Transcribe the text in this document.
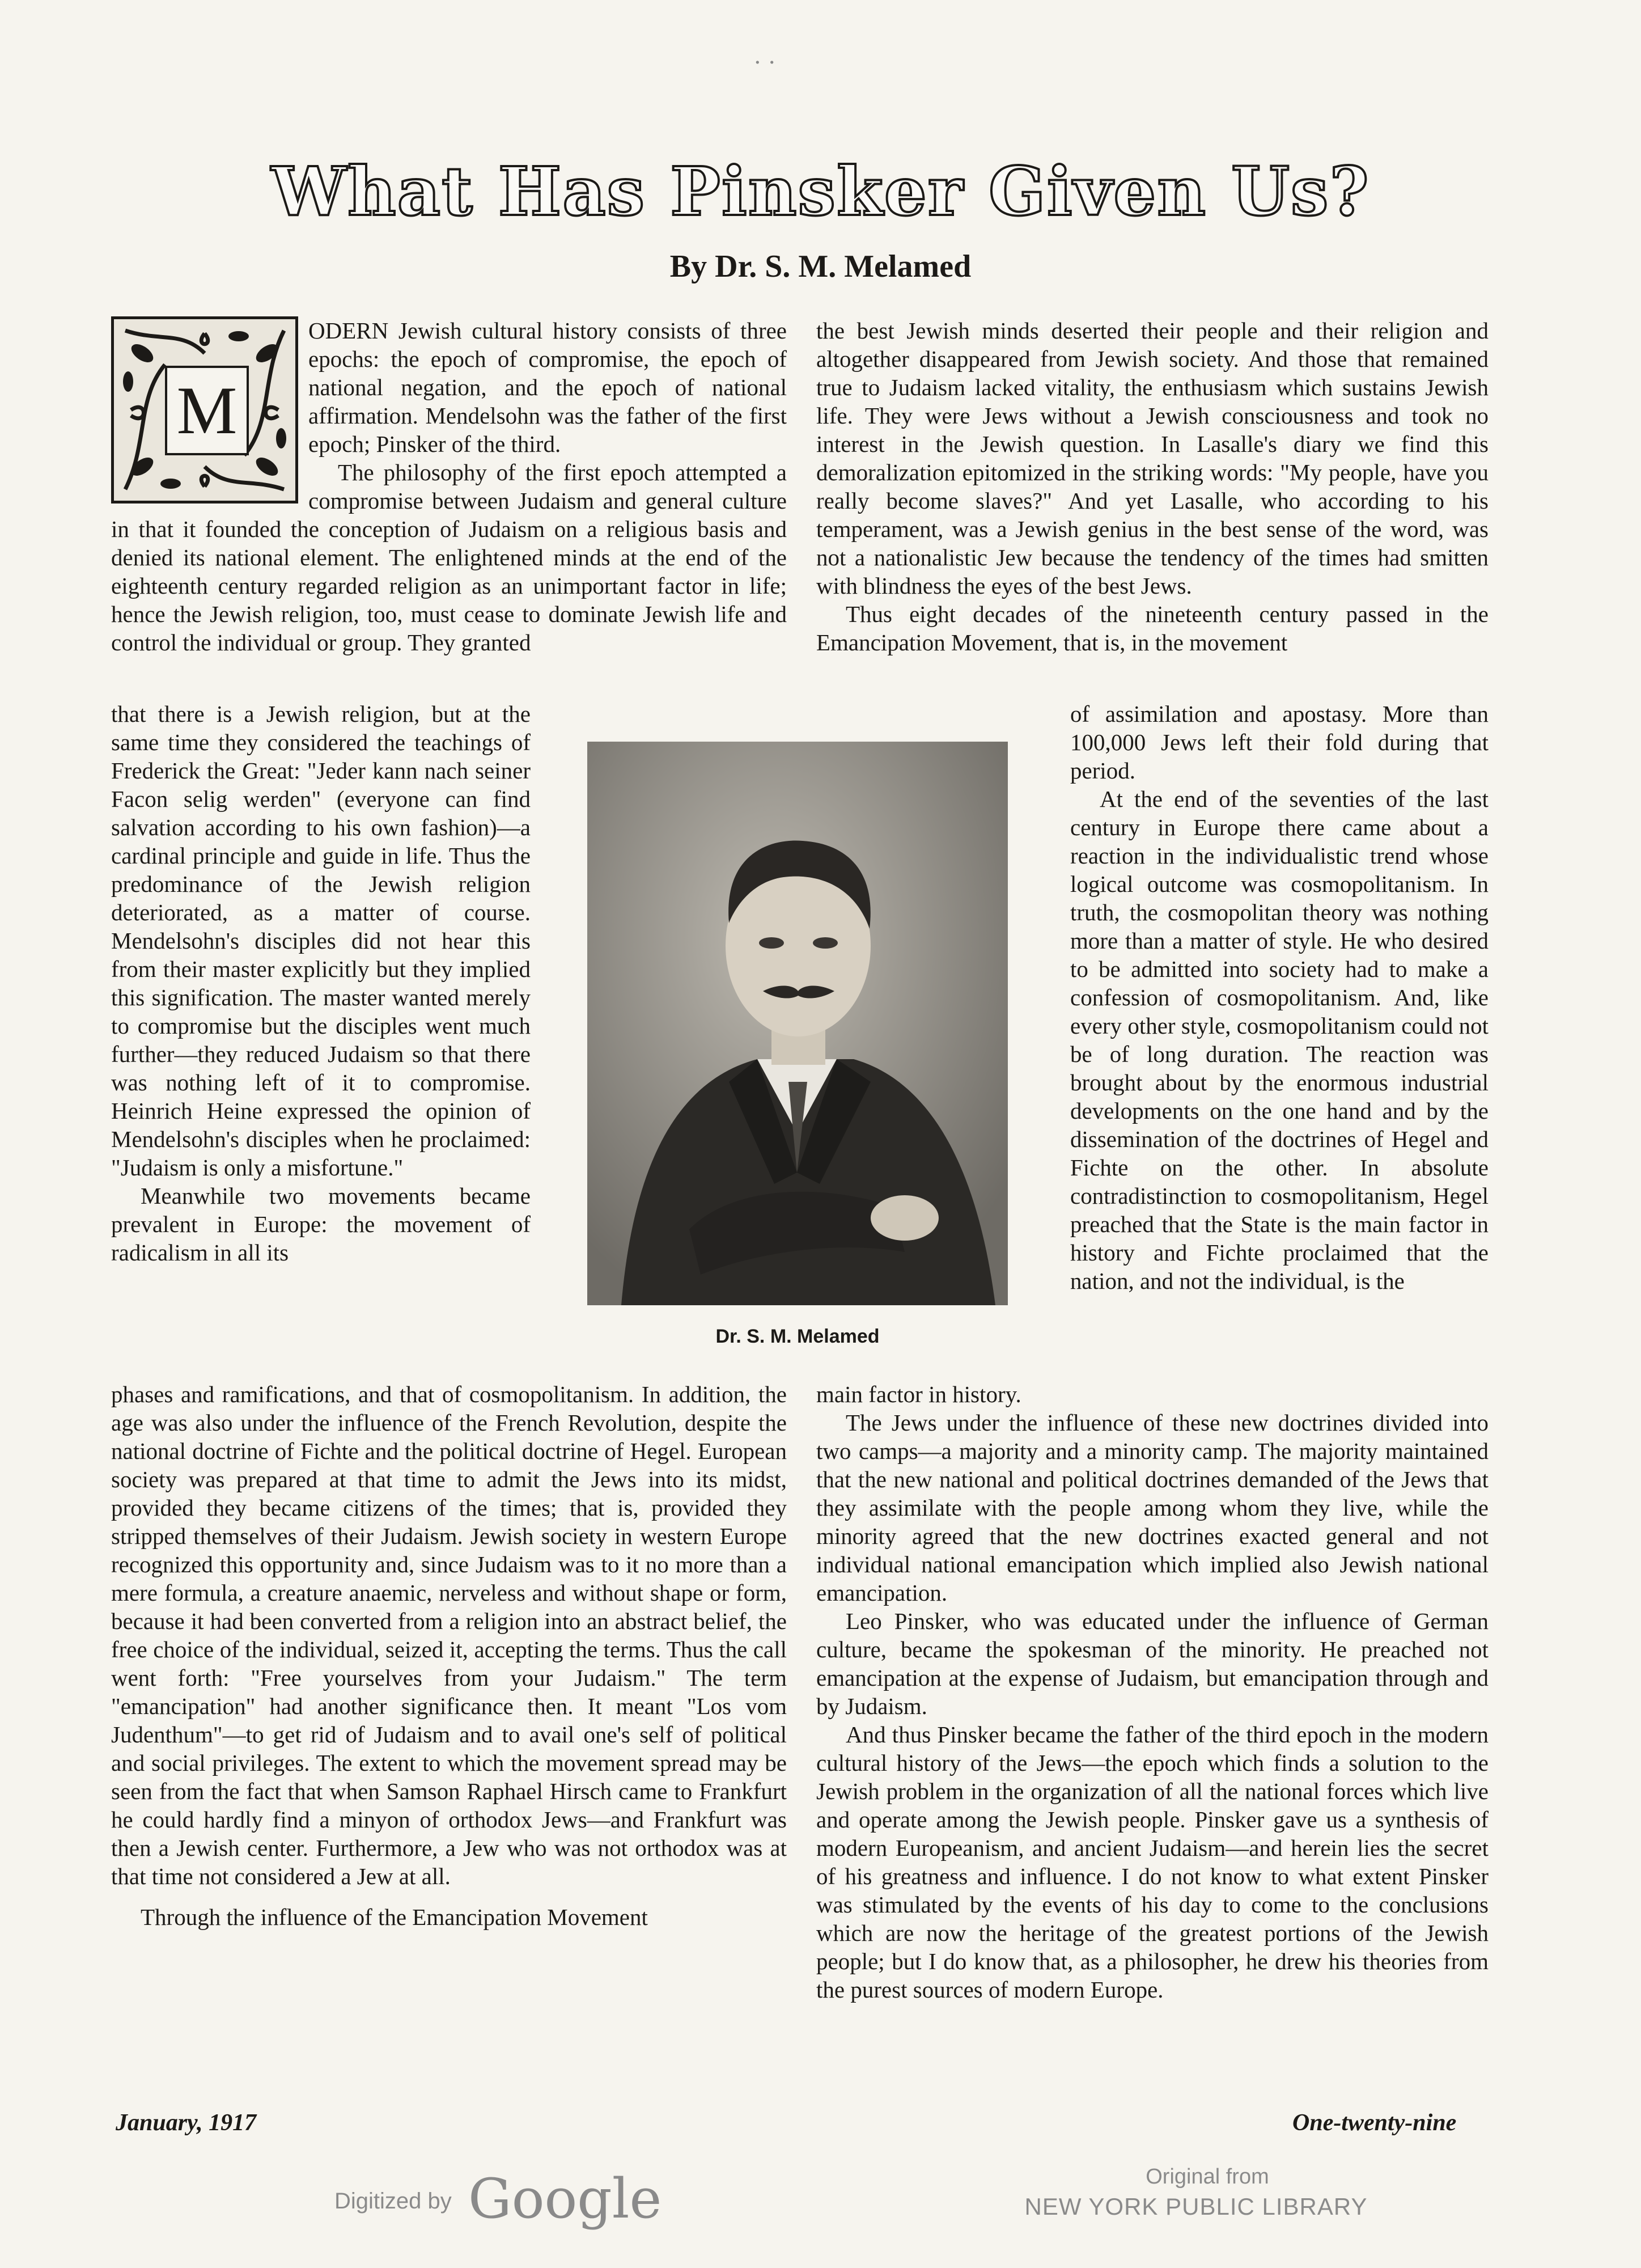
· ·
What Has Pinsker Given Us?
By Dr. S. M. Melamed
M

ODERN Jewish cultural history consists of three epochs: the epoch of compromise, the epoch of national negation, and the epoch of national affirmation. Mendelsohn was the father of the first epoch; Pinsker of the third.

The philosophy of the first epoch attempted a compromise between Judaism and general culture in that it founded the conception of Judaism on a religious basis and denied its national element. The enlightened minds at the end of the eighteenth century regarded religion as an unimportant factor in life; hence the Jewish religion, too, must cease to dominate Jewish life and control the individual or group. They granted

that there is a Jewish religion, but at the same time they considered the teachings of Frederick the Great: "Jeder kann nach seiner Facon selig werden" (everyone can find salvation according to his own fashion)—a cardinal principle and guide in life. Thus the predominance of the Jewish religion deteriorated, as a matter of course. Mendelsohn's disciples did not hear this from their master explicitly but they implied this signification. The master wanted merely to compromise but the disciples went much further—they reduced Judaism so that there was nothing left of it to compromise. Heinrich Heine expressed the opinion of Mendelsohn's disciples when he proclaimed: "Judaism is only a misfortune."

Meanwhile two movements became prevalent in Europe: the movement of radicalism in all its

phases and ramifications, and that of cosmopolitanism. In addition, the age was also under the influence of the French Revolution, despite the national doctrine of Fichte and the political doctrine of Hegel. European society was prepared at that time to admit the Jews into its midst, provided they became citizens of the times; that is, provided they stripped themselves of their Judaism. Jewish society in western Europe recognized this opportunity and, since Judaism was to it no more than a mere formula, a creature anaemic, nerveless and without shape or form, because it had been converted from a religion into an abstract belief, the free choice of the individual, seized it, accepting the terms. Thus the call went forth: "Free yourselves from your Judaism." The term "emancipation" had another significance then. It meant "Los vom Judenthum"—to get rid of Judaism and to avail one's self of political and social privileges. The extent to which the movement spread may be seen from the fact that when Samson Raphael Hirsch came to Frankfurt he could hardly find a minyon of orthodox Jews—and Frankfurt was then a Jewish center. Furthermore, a Jew who was not orthodox was at that time not considered a Jew at all.

Through the influence of the Emancipation Movement

the best Jewish minds deserted their people and their religion and altogether disappeared from Jewish society. And those that remained true to Judaism lacked vitality, the enthusiasm which sustains Jewish life. They were Jews without a Jewish consciousness and took no interest in the Jewish question. In Lasalle's diary we find this demoralization epitomized in the striking words: "My people, have you really become slaves?" And yet Lasalle, who according to his temperament, was a Jewish genius in the best sense of the word, was not a nationalistic Jew because the tendency of the times had smitten with blindness the eyes of the best Jews.

Thus eight decades of the nineteenth century passed in the Emancipation Movement, that is, in the movement

of assimilation and apostasy. More than 100,000 Jews left their fold during that period.

At the end of the seventies of the last century in Europe there came about a reaction in the individualistic trend whose logical outcome was cosmopolitanism. In truth, the cosmopolitan theory was nothing more than a matter of style. He who desired to be admitted into society had to make a confession of cosmopolitanism. And, like every other style, cosmopolitanism could not be of long duration. The reaction was brought about by the enormous industrial developments on the one hand and by the dissemination of the doctrines of Hegel and Fichte on the other. In absolute contradistinction to cosmopolitanism, Hegel preached that the State is the main factor in history and Fichte proclaimed that the nation, and not the individual, is the

main factor in history.

The Jews under the influence of these new doctrines divided into two camps—a majority and a minority camp. The majority maintained that the new national and political doctrines demanded of the Jews that they assimilate with the people among whom they live, while the minority agreed that the new doctrines exacted general and not individual national emancipation which implied also Jewish national emancipation.

Leo Pinsker, who was educated under the influence of German culture, became the spokesman of the minority. He preached not emancipation at the expense of Judaism, but emancipation through and by Judaism.

And thus Pinsker became the father of the third epoch in the modern cultural history of the Jews—the epoch which finds a solution to the Jewish problem in the organization of all the national forces which live and operate among the Jewish people. Pinsker gave us a synthesis of modern Europeanism, and ancient Judaism—and herein lies the secret of his greatness and influence. I do not know to what extent Pinsker was stimulated by the events of his day to come to the conclusions which are now the heritage of the greatest portions of the Jewish people; but I do know that, as a philosopher, he drew his theories from the purest sources of modern Europe.

Dr. S. M. Melamed
January, 1917	One-twenty-nine
Digitized by Google	Original from
NEW YORK PUBLIC LIBRARY
